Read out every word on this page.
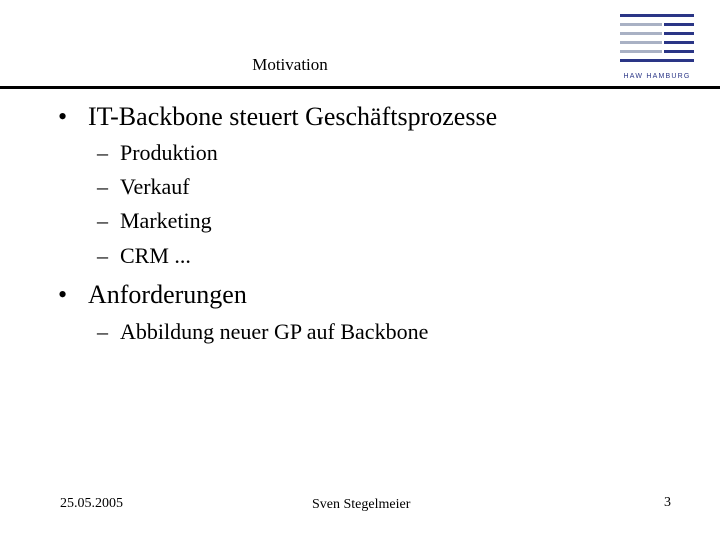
Motivation
HAW HAMBURG
• IT-Backbone steuert Geschäftsprozesse
– Produktion
– Verkauf
– Marketing
– CRM ...
• Anforderungen
– Abbildung neuer GP auf Backbone
25.05.2005	Sven Stegelmeier	3
